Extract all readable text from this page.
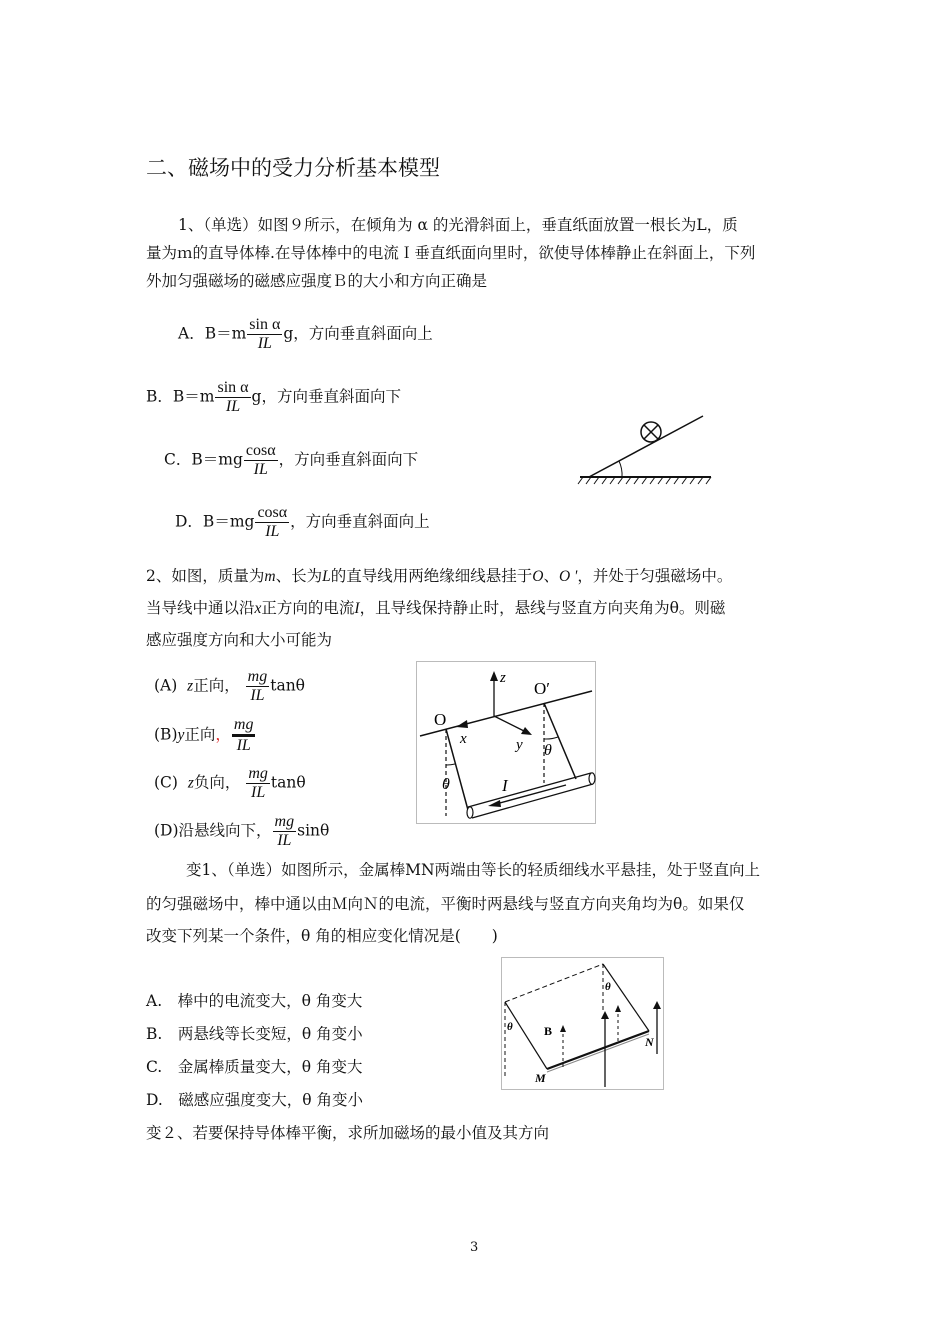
二、磁场中的受力分析基本模型
1、（单选）如图９所示，在倾角为 α 的光滑斜面上，垂直纸面放置一根长为L，质
量为ｍ的直导体棒.在导体棒中的电流Ｉ垂直纸面向里时，欲使导体棒静止在斜面上，下列
外加匀强磁场的磁感应强度Ｂ的大小和方向正确是
A．$B=m \frac{\text{sin α}}{IL}$ g，方向垂直斜面向上
B．$B=m \frac{\text{sin α}}{IL}$ g，方向垂直斜面向下
C．$B=mg \frac{\cos\alpha}{IL}$ ，方向垂直斜面向下
D．$B=mg \frac{\cos\alpha}{IL}$ ，方向垂直斜面向上
2、如图，质量为m、长为L的直导线用两绝缘细线悬挂于O、O '，并处于匀强磁场中。
当导线中通以沿x正方向的电流I，且导线保持静止时，悬线与竖直方向夹角为θ。则磁
感应强度方向和大小可能为
(A) z正向， $\frac{mg}{IL}$ tanθ
(B)y正向， $\frac{mg}{IL}$
(C) z负向， $\frac{mg}{IL}$ tanθ
(D)沿悬线向下， $\frac{mg}{IL}$ sinθ
z
y
x
O
O′
θ
θ
I
变1、（单选）如图所示，金属棒MN两端由等长的轻质细线水平悬挂，处于竖直向上
的匀强磁场中，棒中通以由Ｍ向Ｎ的电流，平衡时两悬线与竖直方向夹角均为θ。如果仅
改变下列某一个条件，θ 角的相应变化情况是(　　)
A.　棒中的电流变大，θ 角变大
B.　两悬线等长变短，θ 角变小
C.　金属棒质量变大，θ 角变大
D.　磁感应强度变大，θ 角变小
B
M
N
θ
θ
变２、若要保持导体棒平衡，求所加磁场的最小值及其方向
3
